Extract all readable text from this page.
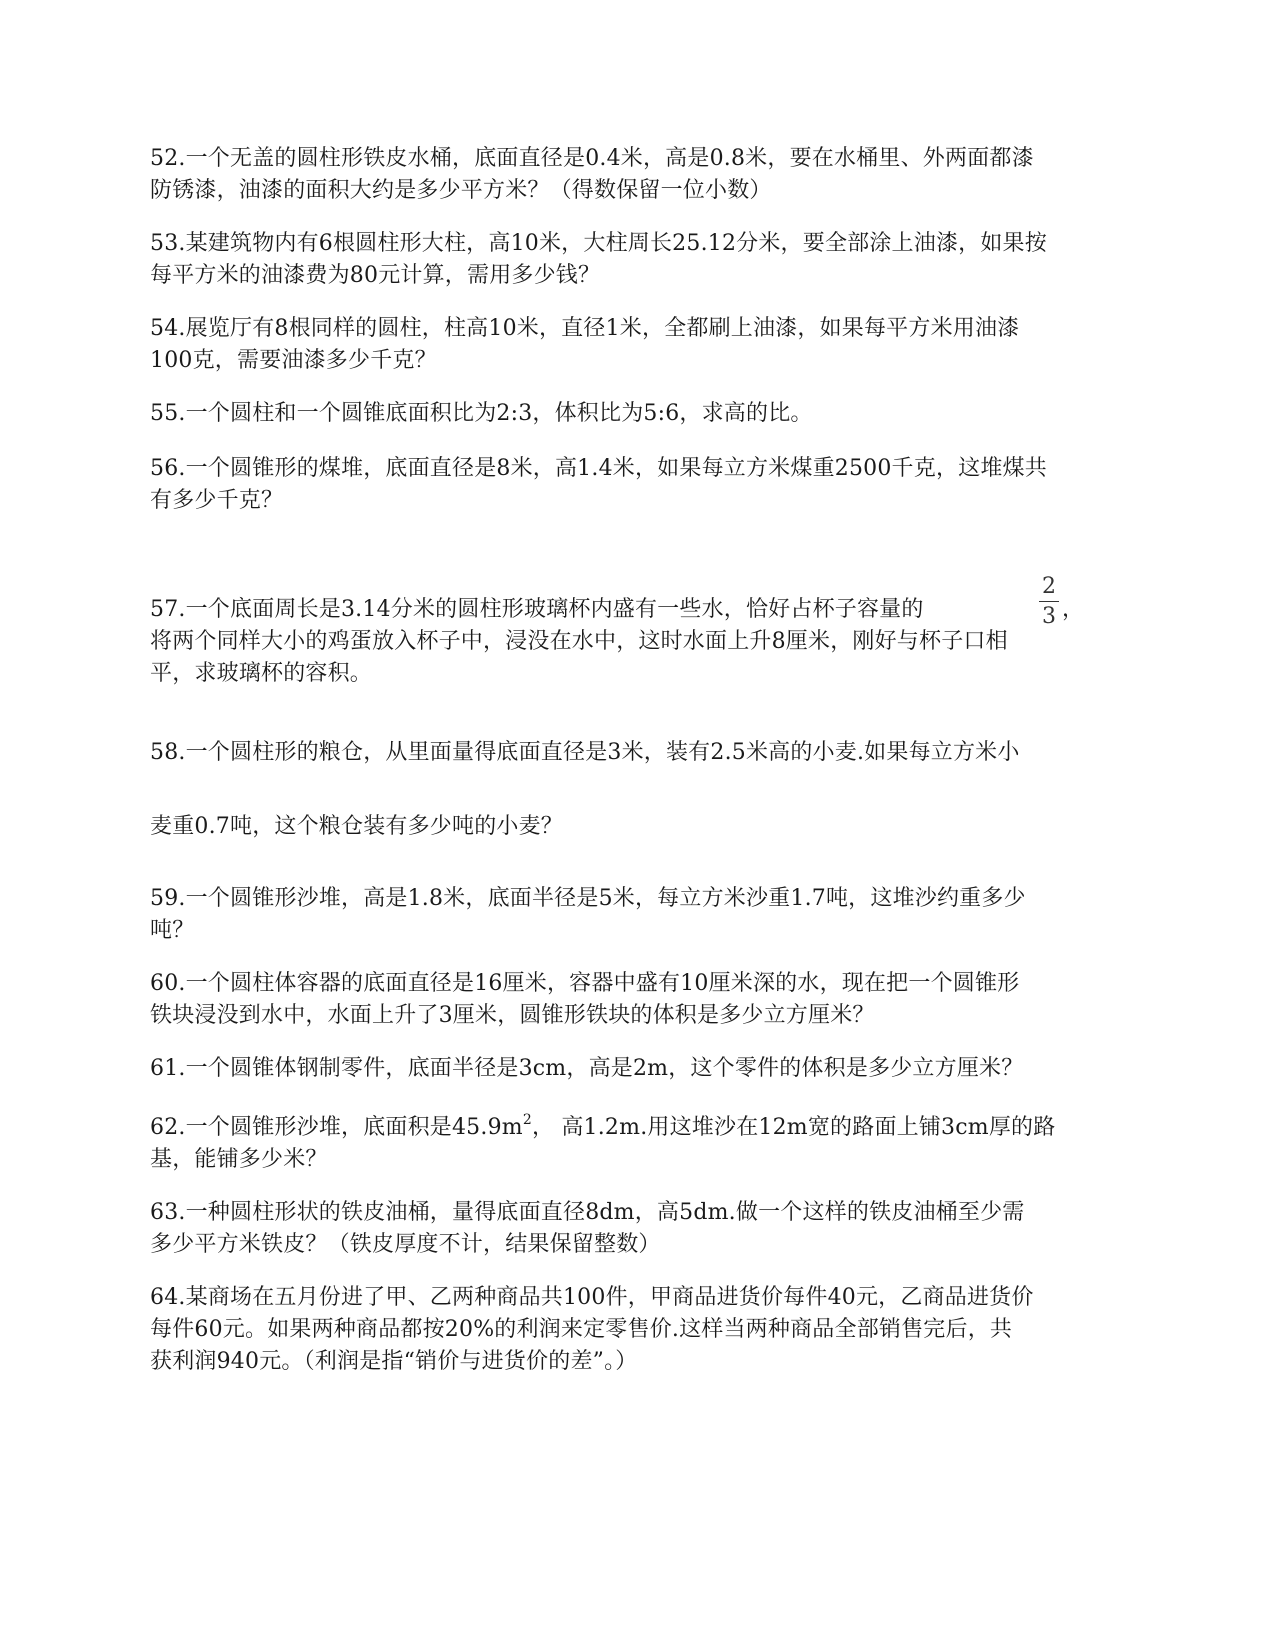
52.一个无盖的圆柱形铁皮水桶，底面直径是0.4米，高是0.8米，要在水桶里、外两面都漆
防锈漆，油漆的面积大约是多少平方米？（得数保留一位小数）
53.某建筑物内有6根圆柱形大柱，高10米，大柱周长25.12分米，要全部涂上油漆，如果按
每平方米的油漆费为80元计算，需用多少钱？
54.展览厅有8根同样的圆柱，柱高10米，直径1米，全都刷上油漆，如果每平方米用油漆
100克，需要油漆多少千克？
55.一个圆柱和一个圆锥底面积比为2:3，体积比为5:6，求高的比。
56.一个圆锥形的煤堆，底面直径是8米，高1.4米，如果每立方米煤重2500千克，这堆煤共
有多少千克？
2
3
57.一个底面周长是3.14分米的圆柱形玻璃杯内盛有一些水，恰好占杯子容量的	，
将两个同样大小的鸡蛋放入杯子中，浸没在水中，这时水面上升8厘米，刚好与杯子口相
平，求玻璃杯的容积。
58.一个圆柱形的粮仓，从里面量得底面直径是3米，装有2.5米高的小麦.如果每立方米小
麦重0.7吨，这个粮仓装有多少吨的小麦？
59.一个圆锥形沙堆，高是1.8米，底面半径是5米，每立方米沙重1.7吨，这堆沙约重多少
吨？
60.一个圆柱体容器的底面直径是16厘米，容器中盛有10厘米深的水，现在把一个圆锥形
铁块浸没到水中，水面上升了3厘米，圆锥形铁块的体积是多少立方厘米？
61.一个圆锥体钢制零件，底面半径是3cm，高是2m，这个零件的体积是多少立方厘米？
62.一个圆锥形沙堆，底面积是$45.9m^2$， 高1.2m.用这堆沙在12m宽的路面上铺3cm厚的路
基，能铺多少米？
63.一种圆柱形状的铁皮油桶，量得底面直径8dm，高5dm.做一个这样的铁皮油桶至少需
多少平方米铁皮？（铁皮厚度不计，结果保留整数）
64.某商场在五月份进了甲、乙两种商品共100件，甲商品进货价每件40元，乙商品进货价
每件60元。如果两种商品都按20%的利润来定零售价.这样当两种商品全部销售完后，共
获利润940元。（利润是指“销价与进货价的差”。）
